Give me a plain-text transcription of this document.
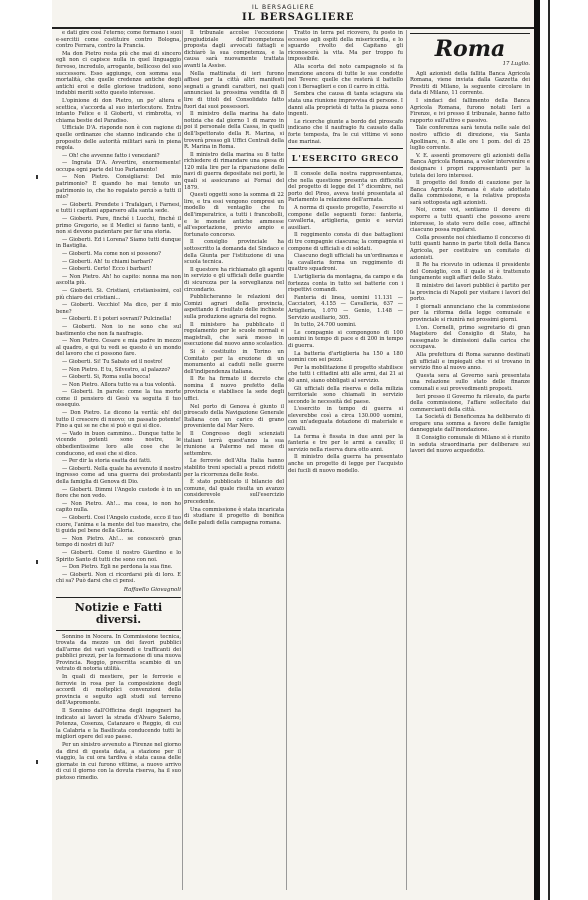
IL BERSAGLIERE
IL BERSAGLIERE

e dati gire così l'eterno; come formano i suoi e-sercitii come costituire contro Bologna, contro Ferrara, contro la Francia.

Ma don Pietro resta più che mai di sincero egli non ci capisce nulla in quel linguaggio fervoso, incredulo, arrogante, bellicoso del suo successore. Esso aggiunge, con somma sua mortalità, che quelle credenze antiche degli antichi eroi e delle gloriose tradizioni, sono indubbi meriti sotto questo interesse.

L'opinione di don Pietro, un po' altera e scettica, s'accorda al suo interlocutore. Entra intanto Felice e il Gioberti, vi rimbrotta, vi chiama bestie del Paradiso.

Ufficiale D'A. risponde non è con ragione di quelle ordinanze che stanno indicando che il proposito delle autorità militari sarà in piena regola.

— Oh! che avvenne fatto i veneziani?

— Ingrata D'A. Avvertire, enormemente! occupa ogni parte del tuo Parlamento!

— Non Pietro. Consigliarsi: Del mio patrimonio? E quando ho mai tenuto un patrimonio io, che ho regalato perciò a tutti il mio?

— Gioberti. Prendete i Trafalgari, i Farnesi, e tutti i capitani apparsero alla santa sede.

— Gioberti. Pure, finché i Lucchi, finché il primo Gregorio, se il Medici si fanno tanti, e non si devono pazientare per far una storia.

— Gioberti. Ed i Lorena? Siamo tutti dunque in Bastiglia.

— Gioberti. Ma come non si possono?

— Gioberti. Ah! tu chiami barbari?

— Gioberti. Certo! Ecco i barbari!

— Non Pietro. Ah! ho capito: nonna ma non ascolta più.

— Gioberti. Si. Cristiani, cristianissimi, col più chiaro dei cristiani...

— Gioberti. Vecchio! Ma dico, per il mio bene?

— Gioberti. E i poteri sovrani? Pulcinella!

— Gioberti. Non io ne sono che sul bastimento che non fa naufragio.

— Non Pietro. Cesare e mia padre in mezzo al quadro, e qui tu vedi se questo è un mondo del lavoro che ci possono fare.

— Gioberti. Si! Tu Sabato ed il nostro!

— Non Pietro. E tu, Silvestro, al palazzo?

— Gioberti. Si, Roma sulla bocca!

— Non Pietro. Allora tutto va a tua volontà.

— Gioberti. In parole: come la tua morte come il pensiero di Gesù va seguita il tuo ossequio.

— Don Pietro. Le dicono la verità: eh! del tutto il crescere di nuovo: un passato potente! Fino a qui se ne che si può e qui si dice.

— Vado in buon cammino... Dunque tutte le vicende potenti sono nostre, le obbedientissime loro alle cose che le conducono, ed essi che si dico.

— Per dir la storia esatta dei fatti.

— Gioberti. Nella quale ha avvenuto il nostro ingresso come ad una guerra dei protestanti della famiglia di Genova di Dio.

— Gioberti. Dimmi l'Angelo custode è in un fiore che non vedo.

— Non Pietro. Ah!... ma cosa, io non ho capito nulla.

— Gioberti. Cosi l'Angelo custode, ecco il tuo cuore, l'anima e la mente del tuo maestro, che ti guida pel bene della Gloria.

— Non Pietro. Ah!... se conoscerò gran tempo di nostri di lui?

— Gioberti. Come il nostro Giardino e lo Spirito Santo di tutti che sono con noi.

— Don Pietro. Egli ne perdona la sua fine.

— Gioberti. Non ci ricordarsi più di loro. E chi sa? Può darsi che ci pensi.

Raffaello Giovagnoli
Notizie e Fatti diversi.

Sonnino in Nocera. In Commissione tecnica, trovata da mezzo un dei favori pubblici dall'arme dei vari vagabondi e trafficanti dei pubblici prezzi, per la formazione di una nuova Provincia. Reggio, prescritta scambio di un vetrato di notoria utilità.

In quali di mestiere, per le ferrovie e ferrovie in rosa per la composizione degli accordi di molteplici convenzioni della provincia e seguito agli studi sul terreno dell'Aspromonte.

Il Sonnino dall'Officina degli ingegneri ha indicato ai lavori la strada d'Alvaro Salerno, Potenza, Cosenza, Catanzaro e Reggio, di cui la Calabria e la Basilicata conducendo tutti le migliori opere del suo paese.

Per un sinistro avvenuto a Firenze nel giorno da dirsi di questa data, a stazione per il viaggio, la cui ora tardiva è stata causa delle giornate in cui furono vittime, a nuovo arrivo di cui il giorno con la dovuta riserva, ha il suo pietoso rimedio.

Il tribunale accolse l'eccezione pregiudiziale dell'incompetenza proposta dagli avvocati fattagli e dichiarò la sua competenza, e la causa sarà nuovamente trattata avanti la Assise.

Nella mattinata di ieri furono affissi per la città altri manifesti segnati a grandi caratteri, nei quali annunciasi la prossima vendita di 8 lire di titoli del Consolidato fatto fuori dai suoi possessori.

Il ministro della marina ha dato notizia che dal giorno 1 di marzo in poi il personale della Cassa, in quelli dell'Ispettorato della R. Marina, si troverà presso gli Uffici Centrali della R. Marina in Roma.

Il ministro della marina su 8 tutte richiedere di rimandare una spesa di 120 mila lire per la riparazione delle navi di guerra depositate nei porti, le quali si assicurano ai Fornai del 1879.

Questi oggetti sono la somma di 22 lire, e tra essi vengono compresi un modello di ventaglio che fu dell'imperatrice, a tutti i francobolli, e le monete antiche ammesse all'esportazione, previo ampio e fortunato concorso.

Il consiglio provinciale ha sottoscritto la domanda del Sindaco e della Giunta per l'istituzione di una scuola tecnica.

Il questore ha richiamato gli agenti in servizio e gli ufficiali delle guardie di sicurezza per la sorveglianza nel circondario.

Pubblicheranno le relazioni dei Comizi agrari della provincia, aspettando il risultato delle inchieste sulla produzione agraria del regno.

Il ministero ha pubblicato il regolamento per le scuole normali e magistrali, che sarà messo in esecuzione dal nuovo anno scolastico.

Si è costituito in Torino un Comitato per la erezione di un monumento ai caduti nelle guerre dell'indipendenza italiana.

Il Re ha firmato il decreto che nomina il nuovo prefetto della provincia e stabilisce la sede degli uffici.

Nel porto di Genova è giunto il piroscafo della Navigazione Generale Italiana con un carico di grano proveniente dal Mar Nero.

Il Congresso degli scienziati italiani terrà quest'anno la sua riunione a Palermo nel mese di settembre.

Le ferrovie dell'Alta Italia hanno stabilito treni speciali a prezzi ridotti per la ricorrenza delle feste.

È stato pubblicato il bilancio del comune, dal quale risulta un avanzo considerevole sull'esercizio precedente.

Una commissione è stata incaricata di studiare il progetto di bonifica delle paludi della campagna romana.

Tratto in terra pel ricovero, fu posto in eccesso agli ospiti della misericordia, e lo sguardo rivolto del Capitano gli riconoscerà la vita. Ma per troppo fu impossibile.

Alla scorta del noto campagnolo si fa menzione ancora di tutte le sue condotte nel Tevere: quelle che resterà il battello con i Bersaglieri e con il carro in città.

Sembra che causa di tanta sciagura sia stata una riunione improvvisa di persone. I danni alla proprietà di tutta la piazza sono ingenti.

Le ricerche giunte a bordo del piroscafo indicano che il naufragio fu causato dalla forte tempesta, fra le cui vittime vi sono due marinai.

L'ESERCITO GRECO

Il console della nostra rappresentanza, che nella questione presenta un difficoltà del progetto di legge del 1° dicembre, nel porto del Pireo, aveva testé presentata al Parlamento la relazione dell'armata.

A norma di questo progetto, l'esercito si compone delle seguenti forze: fanteria, cavalleria, artiglieria, genio e servizi ausiliari.

Il reggimento consta di due battaglioni di tre compagnie ciascuna; la compagnia si compone di ufficiali e di soldati.

Ciascuno degli ufficiali ha un'ordinanza e la cavalleria forma un reggimento di quattro squadroni.

L'artiglieria da montagna, da campo e da fortezza conta in tutto sei batterie con i rispettivi comandi.

Fanteria di linea, uomini 11.131 — Cacciatori, 4.155 — Cavalleria, 637 — Artiglieria, 1.070 — Genio, 1.148 — Servizio ausiliario, 305.

In tutto, 24.700 uomini.

Le compagnie si compongono di 100 uomini in tempo di pace e di 200 in tempo di guerra.

La batteria d'artiglieria ha 150 a 180 uomini con sei pezzi.

Per la mobilitazione il progetto stabilisce che tutti i cittadini atti alle armi, dai 21 ai 40 anni, siano obbligati al servizio.

Gli ufficiali della riserva e della milizia territoriale sono chiamati in servizio secondo le necessità del paese.

L'esercito in tempo di guerra si eleverebbe così a circa 130.000 uomini, con un'adeguata dotazione di materiale e cavalli.

La ferma è fissata in due anni per la fanteria e tre per le armi a cavallo; il servizio nella riserva dura otto anni.

Il ministro della guerra ha presentato anche un progetto di legge per l'acquisto dei fucili di nuovo modello.

Roma
17 Luglio.

Agli azionisti della fallita Banca Agricola Romana, viene inviata dalla Gazzetta dei Prestiti di Milano, la seguente circolare in data di Milano, 11 corrente.

I sindaci del fallimento della Banca Agricola Romana, furono notati Ieri a Firenze, e ivi presso il tribunale, hanno fatto rapporto sull'attivo e passivo.

Tale conferenza sarà tenuta nelle sale del nostro ufficio di direzione, via Santa Apollinare, n. 8 alle ore 1 pom. del dì 25 luglio corrente.

V. E. assentì promovere gli azionisti della Banca Agricola Romana, a voler intervenire e designare i propri rappresentanti per la tutela dei loro interessi.

Il progetto del fondo di cauzione per la Banca Agricola Romana è stato adottato dalla commissione, e la relativa proposta sarà sottoposta agli azionisti.

Noi, come voi, sentiamo il dovere di esporre a tutti quanti che possono avere interesse, lo stato vero delle cose, affinché ciascuno possa regolarsi.

Colla presente noi chiediamo il concorso di tutti quanti hanno in parte titoli della Banca Agricola, per costituire un comitato di azionisti.

Il Re ha ricevuto in udienza il presidente del Consiglio, con il quale si è trattenuto lungamente sugli affari dello Stato.

Il ministro dei lavori pubblici è partito per la provincia di Napoli per visitare i lavori del porto.

I giornali annunciano che la commissione per la riforma della legge comunale e provinciale si riunirà nei prossimi giorni.

L'on. Cornelli, primo segretario di gran Magistero del Consiglio di Stato, ha rassegnato le dimissioni dalla carica che occupava.

Alla prefettura di Roma saranno destinati gli ufficiali e impiegati che vi si trovano in servizio fino al nuovo anno.

Questa sera al Governo sarà presentata una relazione sullo stato delle finanze comunali e sui provvedimenti proposti.

Ieri presso il Governo fu rilevato, da parte della commissione, l'affare sollecitato dai commercianti della città.

La Società di Beneficenza ha deliberato di erogare una somma a favore delle famiglie danneggiate dall'inondazione.

Il Consiglio comunale di Milano si è riunito in seduta straordinaria per deliberare sui lavori del nuovo acquedotto.
